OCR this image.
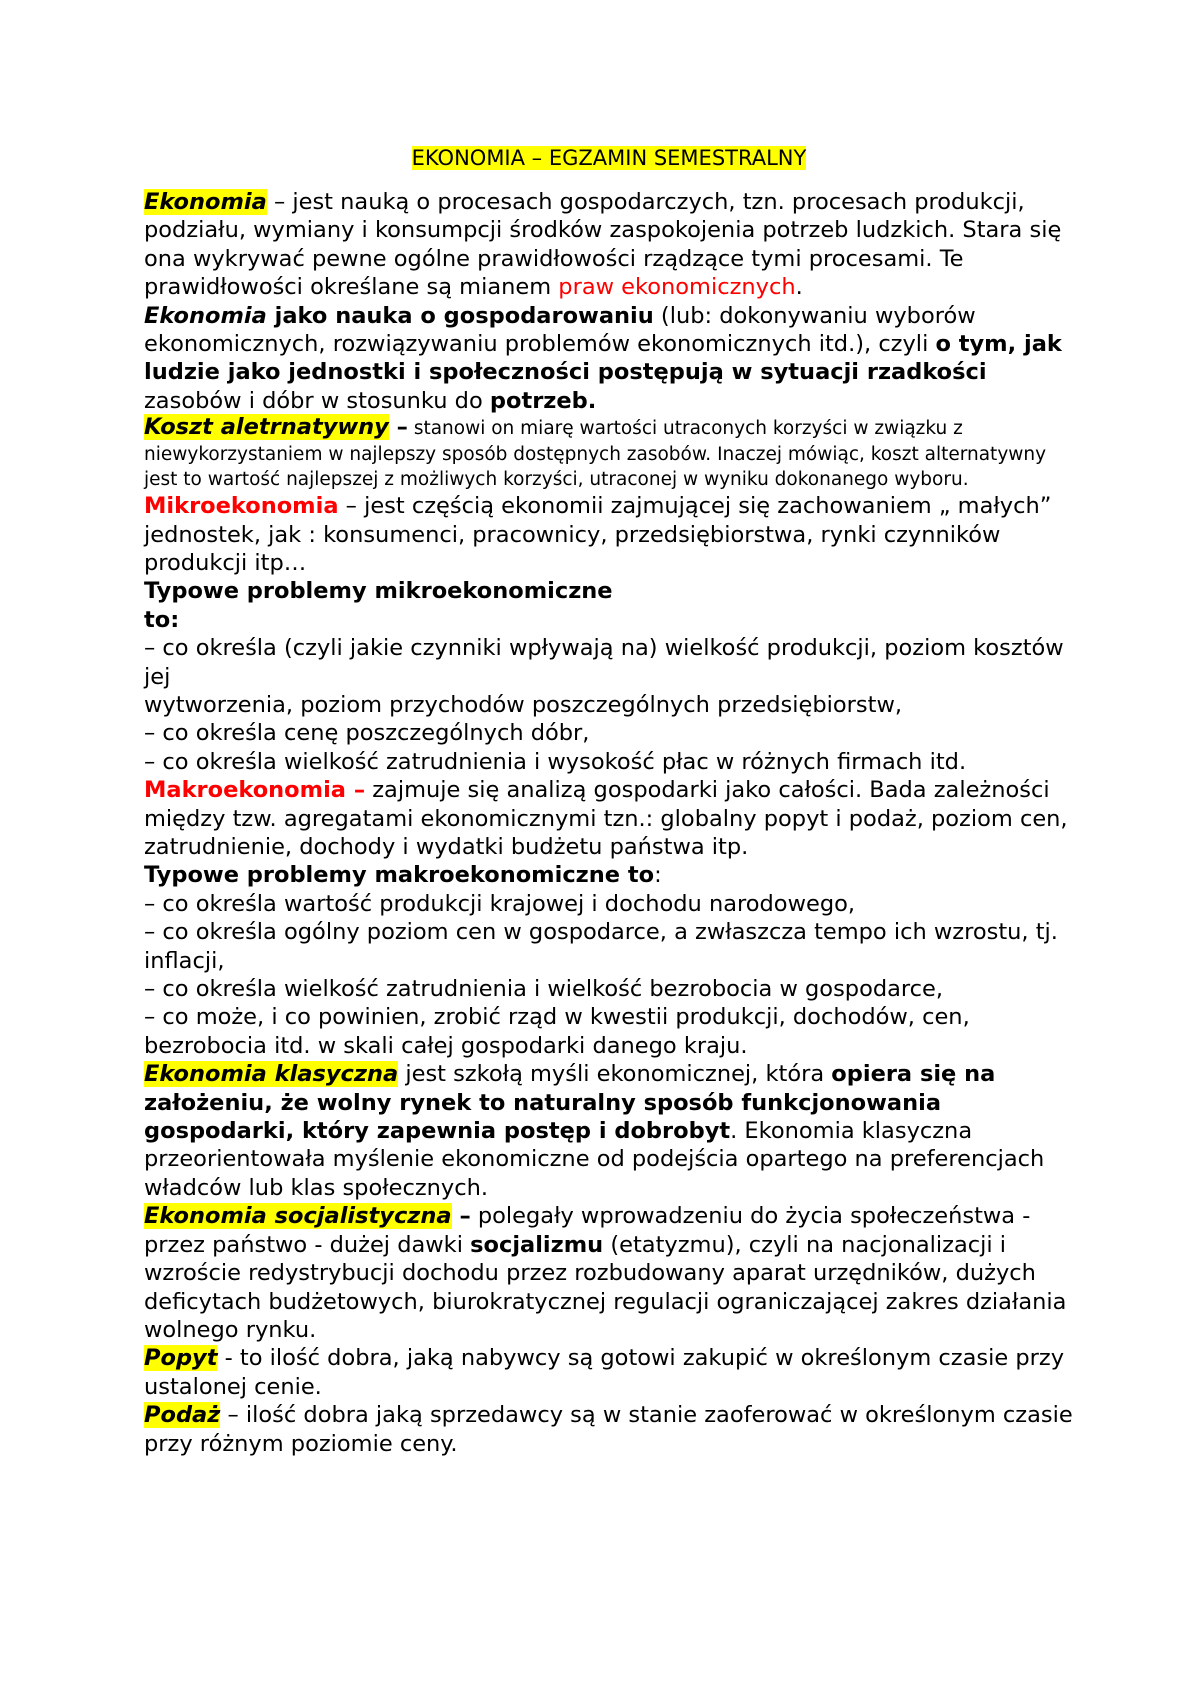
EKONOMIA – EGZAMIN SEMESTRALNY

Ekonomia – jest nauką o procesach gospodarczych, tzn. procesach produkcji, podziału, wymiany i konsumpcji środków zaspokojenia potrzeb ludzkich. Stara się ona wykrywać pewne ogólne prawidłowości rządzące tymi procesami. Te prawidłowości określane są mianem praw ekonomicznych.

Ekonomia jako nauka o gospodarowaniu (lub: dokonywaniu wyborów ekonomicznych, rozwiązywaniu problemów ekonomicznych itd.), czyli o tym, jak ludzie jako jednostki i społeczności postępują w sytuacji rzadkości zasobów i dóbr w stosunku do potrzeb.

Koszt aletrnatywny – stanowi on miarę wartości utraconych korzyści w związku z niewykorzystaniem w najlepszy sposób dostępnych zasobów. Inaczej mówiąc, koszt alternatywny jest to wartość najlepszej z możliwych korzyści, utraconej w wyniku dokonanego wyboru.

Mikroekonomia – jest częścią ekonomii zajmującej się zachowaniem „ małych” jednostek, jak : konsumenci, pracownicy, przedsiębiorstwa, rynki czynników produkcji itp…

Typowe problemy mikroekonomiczne
to:
– co określa (czyli jakie czynniki wpływają na) wielkość produkcji, poziom kosztów jej
wytworzenia, poziom przychodów poszczególnych przedsiębiorstw,
– co określa cenę poszczególnych dóbr,
– co określa wielkość zatrudnienia i wysokość płac w różnych firmach itd.

Makroekonomia – zajmuje się analizą gospodarki jako całości. Bada zależności między tzw. agregatami ekonomicznymi tzn.: globalny popyt i podaż, poziom cen, zatrudnienie, dochody i wydatki budżetu państwa itp.

Typowe problemy makroekonomiczne to:
– co określa wartość produkcji krajowej i dochodu narodowego,
– co określa ogólny poziom cen w gospodarce, a zwłaszcza tempo ich wzrostu, tj. inflacji,
– co określa wielkość zatrudnienia i wielkość bezrobocia w gospodarce,
– co może, i co powinien, zrobić rząd w kwestii produkcji, dochodów, cen, bezrobocia itd. w skali całej gospodarki danego kraju.

Ekonomia klasyczna jest szkołą myśli ekonomicznej, która opiera się na założeniu, że wolny rynek to naturalny sposób funkcjonowania gospodarki, który zapewnia postęp i dobrobyt. Ekonomia klasyczna przeorientowała myślenie ekonomiczne od podejścia opartego na preferencjach władców lub klas społecznych.

Ekonomia socjalistyczna – polegały wprowadzeniu do życia społeczeństwa - przez państwo - dużej dawki socjalizmu (etatyzmu), czyli na nacjonalizacji i wzroście redystrybucji dochodu przez rozbudowany aparat urzędników, dużych deficytach budżetowych, biurokratycznej regulacji ograniczającej zakres działania wolnego rynku.

Popyt - to ilość dobra, jaką nabywcy są gotowi zakupić w określonym czasie przy ustalonej cenie.

Podaż – ilość dobra jaką sprzedawcy są w stanie zaoferować w określonym czasie przy różnym poziomie ceny.
